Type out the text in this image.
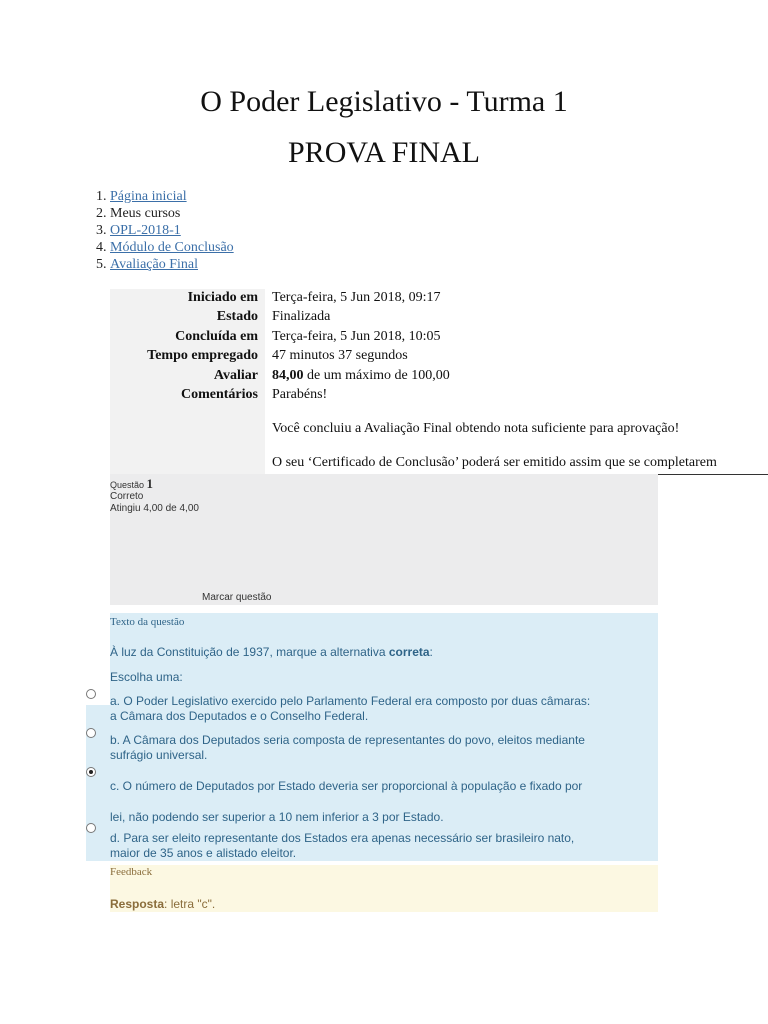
O Poder Legislativo - Turma 1
PROVA FINAL
1. Página inicial
2. Meus cursos
3. OPL-2018-1
4. Módulo de Conclusão
5. Avaliação Final
Iniciado em	Terça-feira, 5 Jun 2018, 09:17
Estado	Finalizada
Concluída em	Terça-feira, 5 Jun 2018, 10:05
Tempo empregado	47 minutos 37 segundos
Avaliar	84,00 de um máximo de 100,00
Comentários Parabéns!
Você concluiu a Avaliação Final obtendo nota suficiente para aprovação!
O seu ‘Certificado de Conclusão’ poderá ser emitido assim que se completarem
Questão 1
Correto
Atingiu 4,00 de 4,00
Marcar questão
Texto da questão
À luz da Constituição de 1937, marque a alternativa correta:
Escolha uma:
a. O Poder Legislativo exercido pelo Parlamento Federal era composto por duas câmaras:
a Câmara dos Deputados e o Conselho Federal.
b. A Câmara dos Deputados seria composta de representantes do povo, eleitos mediante
sufrágio universal.
c. O número de Deputados por Estado deveria ser proporcional à população e fixado por
lei, não podendo ser superior a 10 nem inferior a 3 por Estado.
d. Para ser eleito representante dos Estados era apenas necessário ser brasileiro nato,
maior de 35 anos e alistado eleitor.
Feedback
Resposta: letra "c".
